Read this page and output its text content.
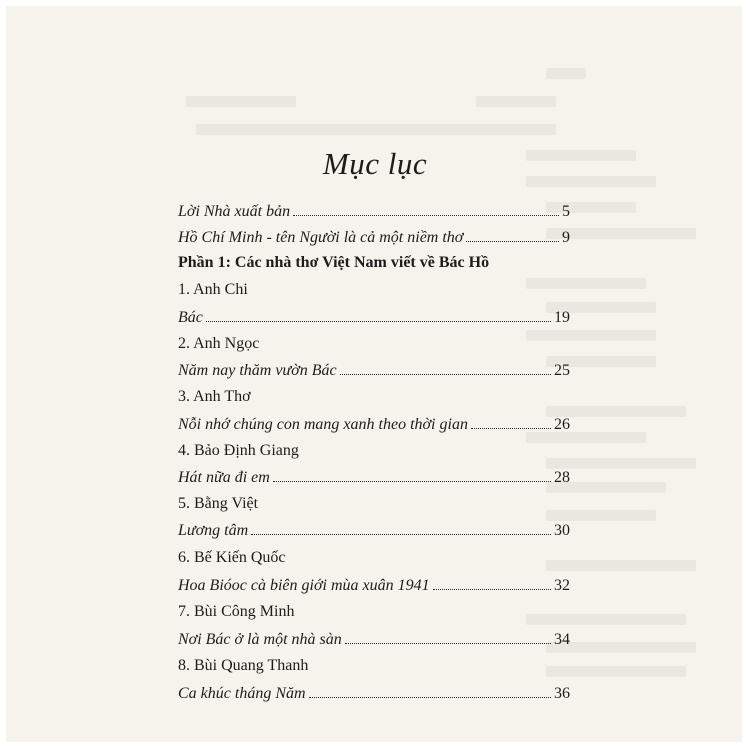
Mục lục
Lời Nhà xuất bản	5
Hồ Chí Minh - tên Người là cả một niềm thơ	9
Phần 1: Các nhà thơ Việt Nam viết về Bác Hồ
1. Anh Chi
Bác	19
2. Anh Ngọc
Năm nay thăm vườn Bác	25
3. Anh Thơ
Nỗi nhớ chúng con mang xanh theo thời gian	26
4. Bảo Định Giang
Hát nữa đi em	28
5. Bằng Việt
Lương tâm	30
6. Bế Kiến Quốc
Hoa Bióoc cà biên giới mùa xuân 1941	32
7. Bùi Công Minh
Nơi Bác ở là một nhà sàn	34
8. Bùi Quang Thanh
Ca khúc tháng Năm	36
